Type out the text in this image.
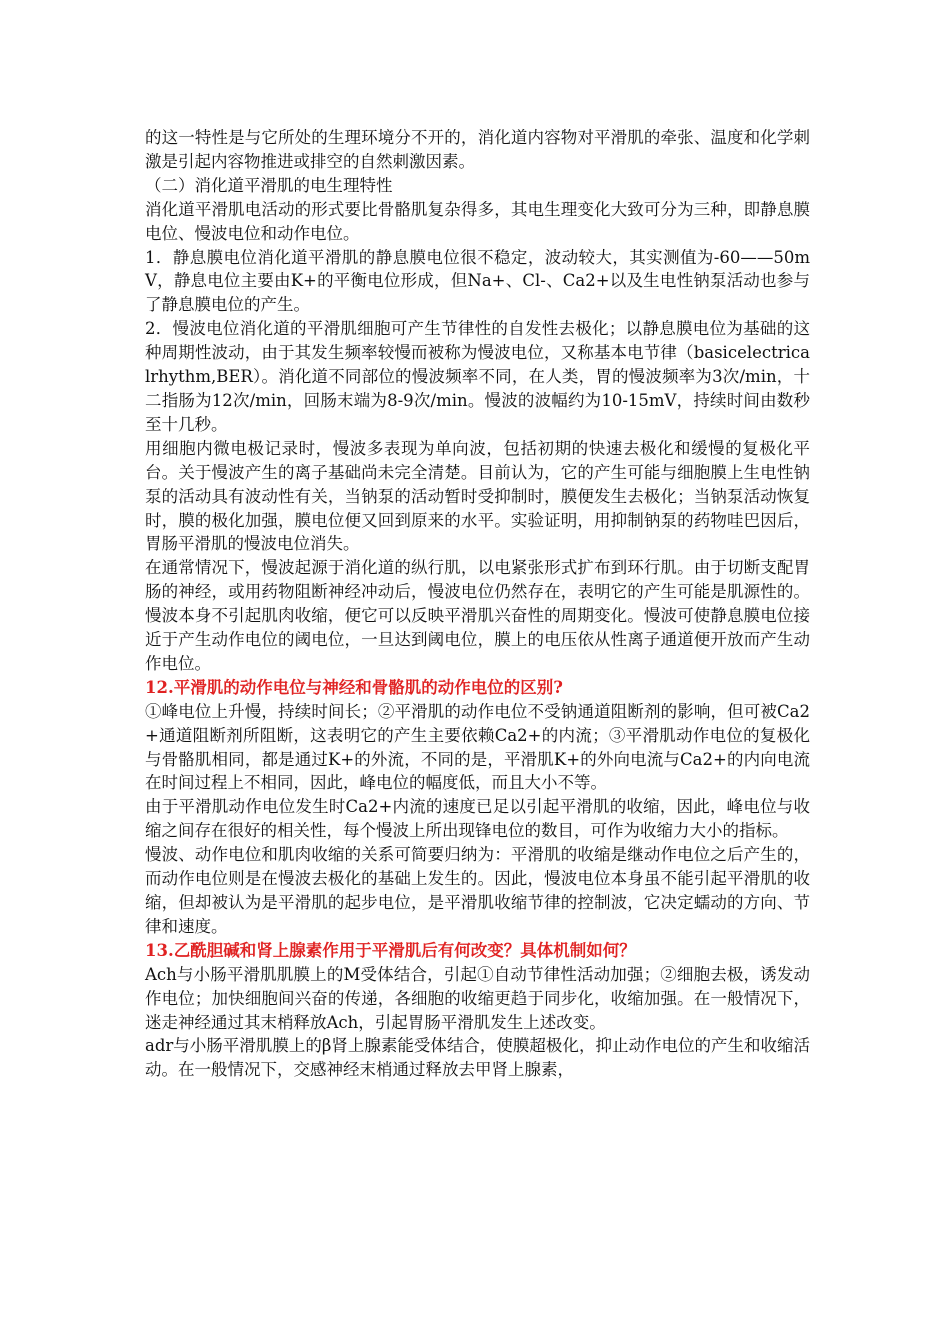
的这一特性是与它所处的生理环境分不开的，消化道内容物对平滑肌的牵张、温度和化学刺激是引起内容物推进或排空的自然刺激因素。

（二）消化道平滑肌的电生理特性

消化道平滑肌电活动的形式要比骨骼肌复杂得多，其电生理变化大致可分为三种，即静息膜电位、慢波电位和动作电位。

1．静息膜电位消化道平滑肌的静息膜电位很不稳定，波动较大，其实测值为-60——50mV，静息电位主要由K+的平衡电位形成，但Na+、Cl-、Ca2+以及生电性钠泵活动也参与了静息膜电位的产生。

2．慢波电位消化道的平滑肌细胞可产生节律性的自发性去极化；以静息膜电位为基础的这种周期性波动，由于其发生频率较慢而被称为慢波电位，又称基本电节律（basicelectricalrhythm,BER）。消化道不同部位的慢波频率不同，在人类，胃的慢波频率为3次/min，十二指肠为12次/min，回肠末端为8-9次/min。慢波的波幅约为10-15mV，持续时间由数秒至十几秒。

用细胞内微电极记录时，慢波多表现为单向波，包括初期的快速去极化和缓慢的复极化平台。关于慢波产生的离子基础尚未完全清楚。目前认为，它的产生可能与细胞膜上生电性钠泵的活动具有波动性有关，当钠泵的活动暂时受抑制时，膜便发生去极化；当钠泵活动恢复时，膜的极化加强，膜电位便又回到原来的水平。实验证明，用抑制钠泵的药物哇巴因后，胃肠平滑肌的慢波电位消失。

在通常情况下，慢波起源于消化道的纵行肌，以电紧张形式扩布到环行肌。由于切断支配胃肠的神经，或用药物阻断神经冲动后，慢波电位仍然存在，表明它的产生可能是肌源性的。慢波本身不引起肌肉收缩，便它可以反映平滑肌兴奋性的周期变化。慢波可使静息膜电位接近于产生动作电位的阈电位，一旦达到阈电位，膜上的电压依从性离子通道便开放而产生动作电位。

12.平滑肌的动作电位与神经和骨骼肌的动作电位的区别?

①峰电位上升慢，持续时间长；②平滑肌的动作电位不受钠通道阻断剂的影响，但可被Ca2+通道阻断剂所阻断，这表明它的产生主要依赖Ca2+的内流；③平滑肌动作电位的复极化与骨骼肌相同，都是通过K+的外流，不同的是，平滑肌K+的外向电流与Ca2+的内向电流在时间过程上不相同，因此，峰电位的幅度低，而且大小不等。

由于平滑肌动作电位发生时Ca2+内流的速度已足以引起平滑肌的收缩，因此，峰电位与收缩之间存在很好的相关性，每个慢波上所出现锋电位的数目，可作为收缩力大小的指标。

慢波、动作电位和肌肉收缩的关系可简要归纳为：平滑肌的收缩是继动作电位之后产生的，而动作电位则是在慢波去极化的基础上发生的。因此，慢波电位本身虽不能引起平滑肌的收缩，但却被认为是平滑肌的起步电位，是平滑肌收缩节律的控制波，它决定蠕动的方向、节律和速度。

13.乙酰胆碱和肾上腺素作用于平滑肌后有何改变？具体机制如何？

Ach与小肠平滑肌肌膜上的M受体结合，引起①自动节律性活动加强；②细胞去极，诱发动作电位；加快细胞间兴奋的传递，各细胞的收缩更趋于同步化，收缩加强。在一般情况下，迷走神经通过其末梢释放Ach，引起胃肠平滑肌发生上述改变。

adr与小肠平滑肌膜上的β肾上腺素能受体结合，使膜超极化，抑止动作电位的产生和收缩活动。在一般情况下，交感神经末梢通过释放去甲肾上腺素，
